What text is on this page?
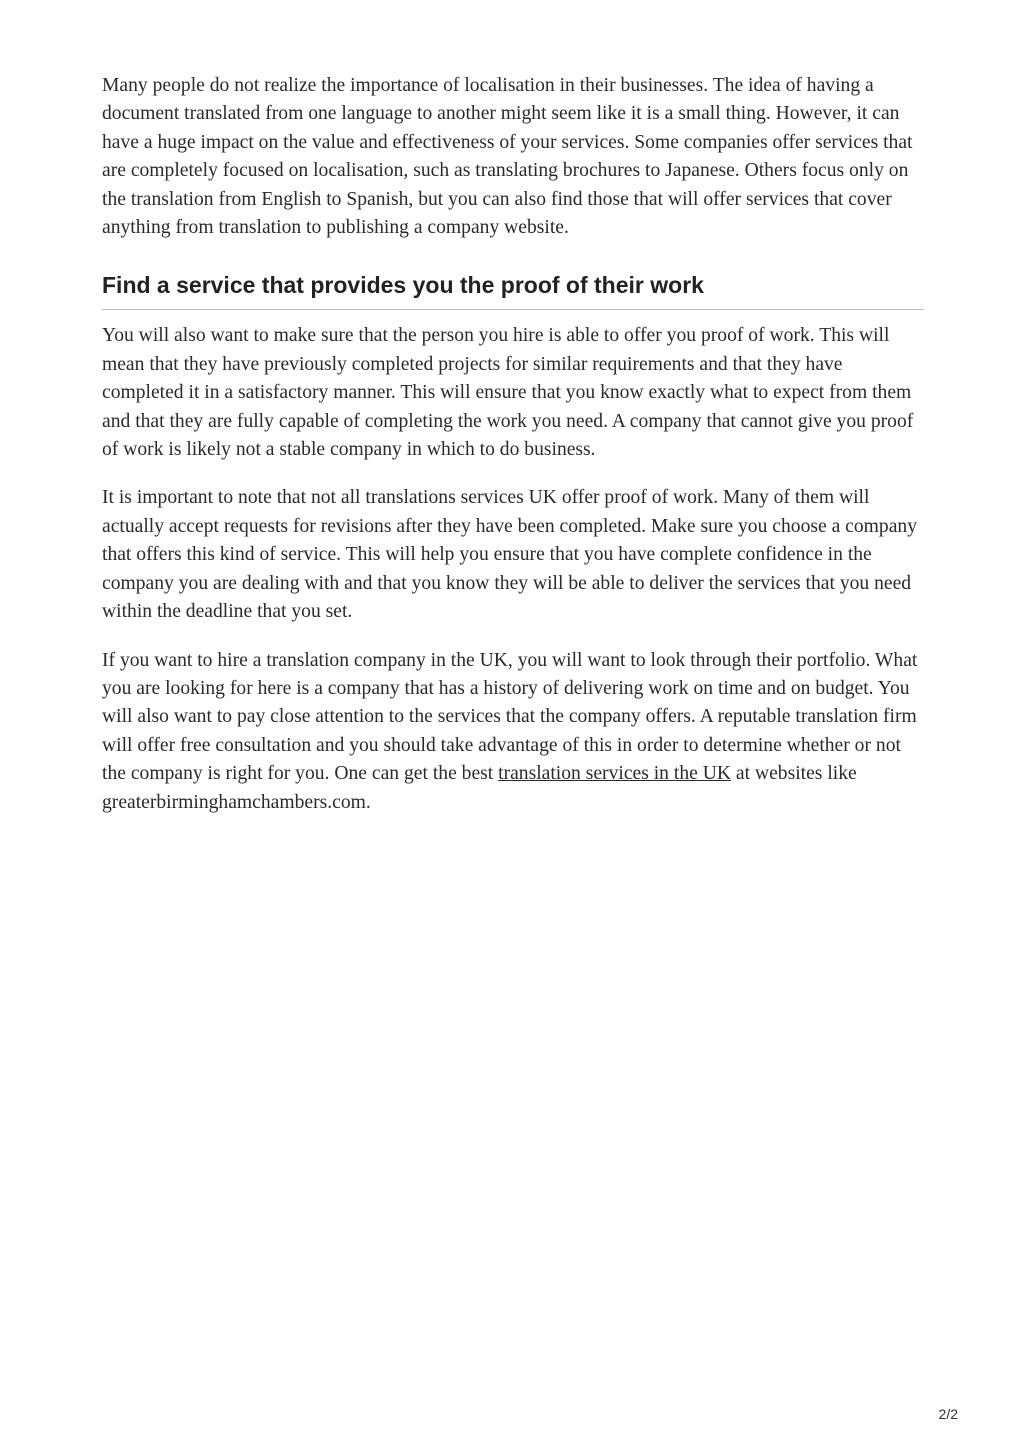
Many people do not realize the importance of localisation in their businesses. The idea of having a document translated from one language to another might seem like it is a small thing. However, it can have a huge impact on the value and effectiveness of your services. Some companies offer services that are completely focused on localisation, such as translating brochures to Japanese. Others focus only on the translation from English to Spanish, but you can also find those that will offer services that cover anything from translation to publishing a company website.

Find a service that provides you the proof of their work

You will also want to make sure that the person you hire is able to offer you proof of work. This will mean that they have previously completed projects for similar requirements and that they have completed it in a satisfactory manner. This will ensure that you know exactly what to expect from them and that they are fully capable of completing the work you need. A company that cannot give you proof of work is likely not a stable company in which to do business.

It is important to note that not all translations services UK offer proof of work. Many of them will actually accept requests for revisions after they have been completed. Make sure you choose a company that offers this kind of service. This will help you ensure that you have complete confidence in the company you are dealing with and that you know they will be able to deliver the services that you need within the deadline that you set.

If you want to hire a translation company in the UK, you will want to look through their portfolio. What you are looking for here is a company that has a history of delivering work on time and on budget. You will also want to pay close attention to the services that the company offers. A reputable translation firm will offer free consultation and you should take advantage of this in order to determine whether or not the company is right for you. One can get the best translation services in the UK at websites like greaterbirminghamchambers.com.

2/2
